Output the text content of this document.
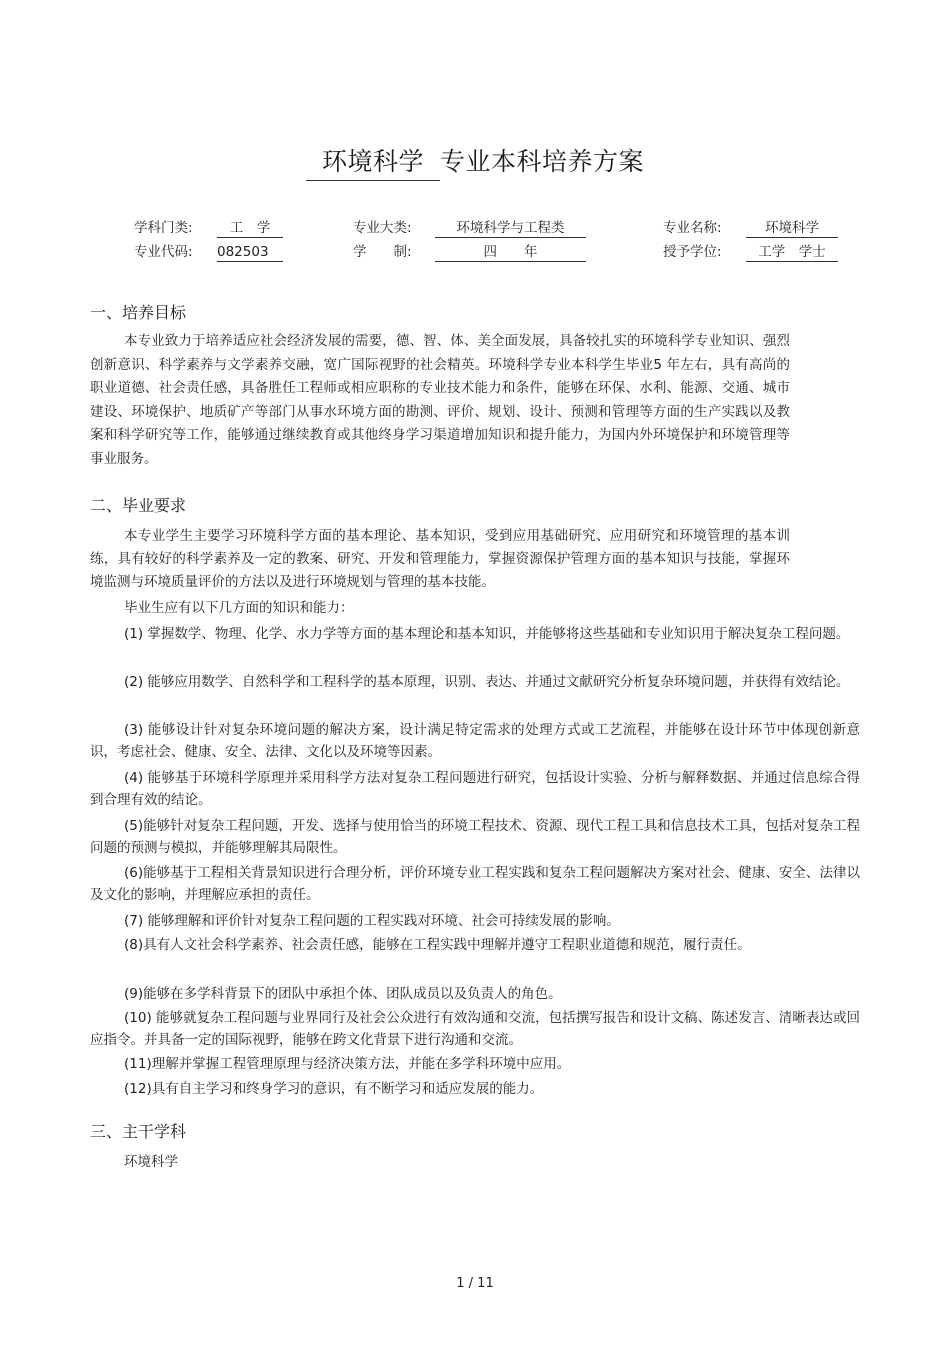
环境科学 专业本科培养方案
学科门类:	工　学	专业大类:	环境科学与工程类	专业名称:	环境科学
专业代码: 082503	学　　制:	四　　年	授予学位:	工学　学士
一、培养目标
本专业致力于培养适应社会经济发展的需要，德、智、体、美全面发展，具备较扎实的环境科学专业知识、强烈创新意识、科学素养与文学素养交融，宽广国际视野的社会精英。环境科学专业本科学生毕业5 年左右，具有高尚的职业道德、社会责任感，具备胜任工程师或相应职称的专业技术能力和条件，能够在环保、水利、能源、交通、城市建设、环境保护、地质矿产等部门从事水环境方面的勘测、评价、规划、设计、预测和管理等方面的生产实践以及教案和科学研究等工作，能够通过继续教育或其他终身学习渠道增加知识和提升能力，为国内外环境保护和环境管理等事业服务。
二、毕业要求
本专业学生主要学习环境科学方面的基本理论、基本知识，受到应用基础研究、应用研究和环境管理的基本训练，具有较好的科学素养及一定的教案、研究、开发和管理能力，掌握资源保护管理方面的基本知识与技能，掌握环境监测与环境质量评价的方法以及进行环境规划与管理的基本技能。
毕业生应有以下几方面的知识和能力：
(1) 掌握数学、物理、化学、水力学等方面的基本理论和基本知识，并能够将这些基础和专业知识用于解决复杂工程问题。
(2) 能够应用数学、自然科学和工程科学的基本原理，识别、表达、并通过文献研究分析复杂环境问题，并获得有效结论。
(3) 能够设计针对复杂环境问题的解决方案，设计满足特定需求的处理方式或工艺流程，并能够在设计环节中体现创新意识，考虑社会、健康、安全、法律、文化以及环境等因素。
(4) 能够基于环境科学原理并采用科学方法对复杂工程问题进行研究，包括设计实验、分析与解释数据、并通过信息综合得到合理有效的结论。
(5)能够针对复杂工程问题，开发、选择与使用恰当的环境工程技术、资源、现代工程工具和信息技术工具，包括对复杂工程问题的预测与模拟，并能够理解其局限性。
(6)能够基于工程相关背景知识进行合理分析，评价环境专业工程实践和复杂工程问题解决方案对社会、健康、安全、法律以及文化的影响，并理解应承担的责任。
(7) 能够理解和评价针对复杂工程问题的工程实践对环境、社会可持续发展的影响。
(8)具有人文社会科学素养、社会责任感，能够在工程实践中理解并遵守工程职业道德和规范，履行责任。
(9)能够在多学科背景下的团队中承担个体、团队成员以及负责人的角色。
(10) 能够就复杂工程问题与业界同行及社会公众进行有效沟通和交流，包括撰写报告和设计文稿、陈述发言、清晰表达或回应指令。并具备一定的国际视野，能够在跨文化背景下进行沟通和交流。
(11)理解并掌握工程管理原理与经济决策方法，并能在多学科环境中应用。
(12)具有自主学习和终身学习的意识，有不断学习和适应发展的能力。
三、主干学科
环境科学
1 / 11
